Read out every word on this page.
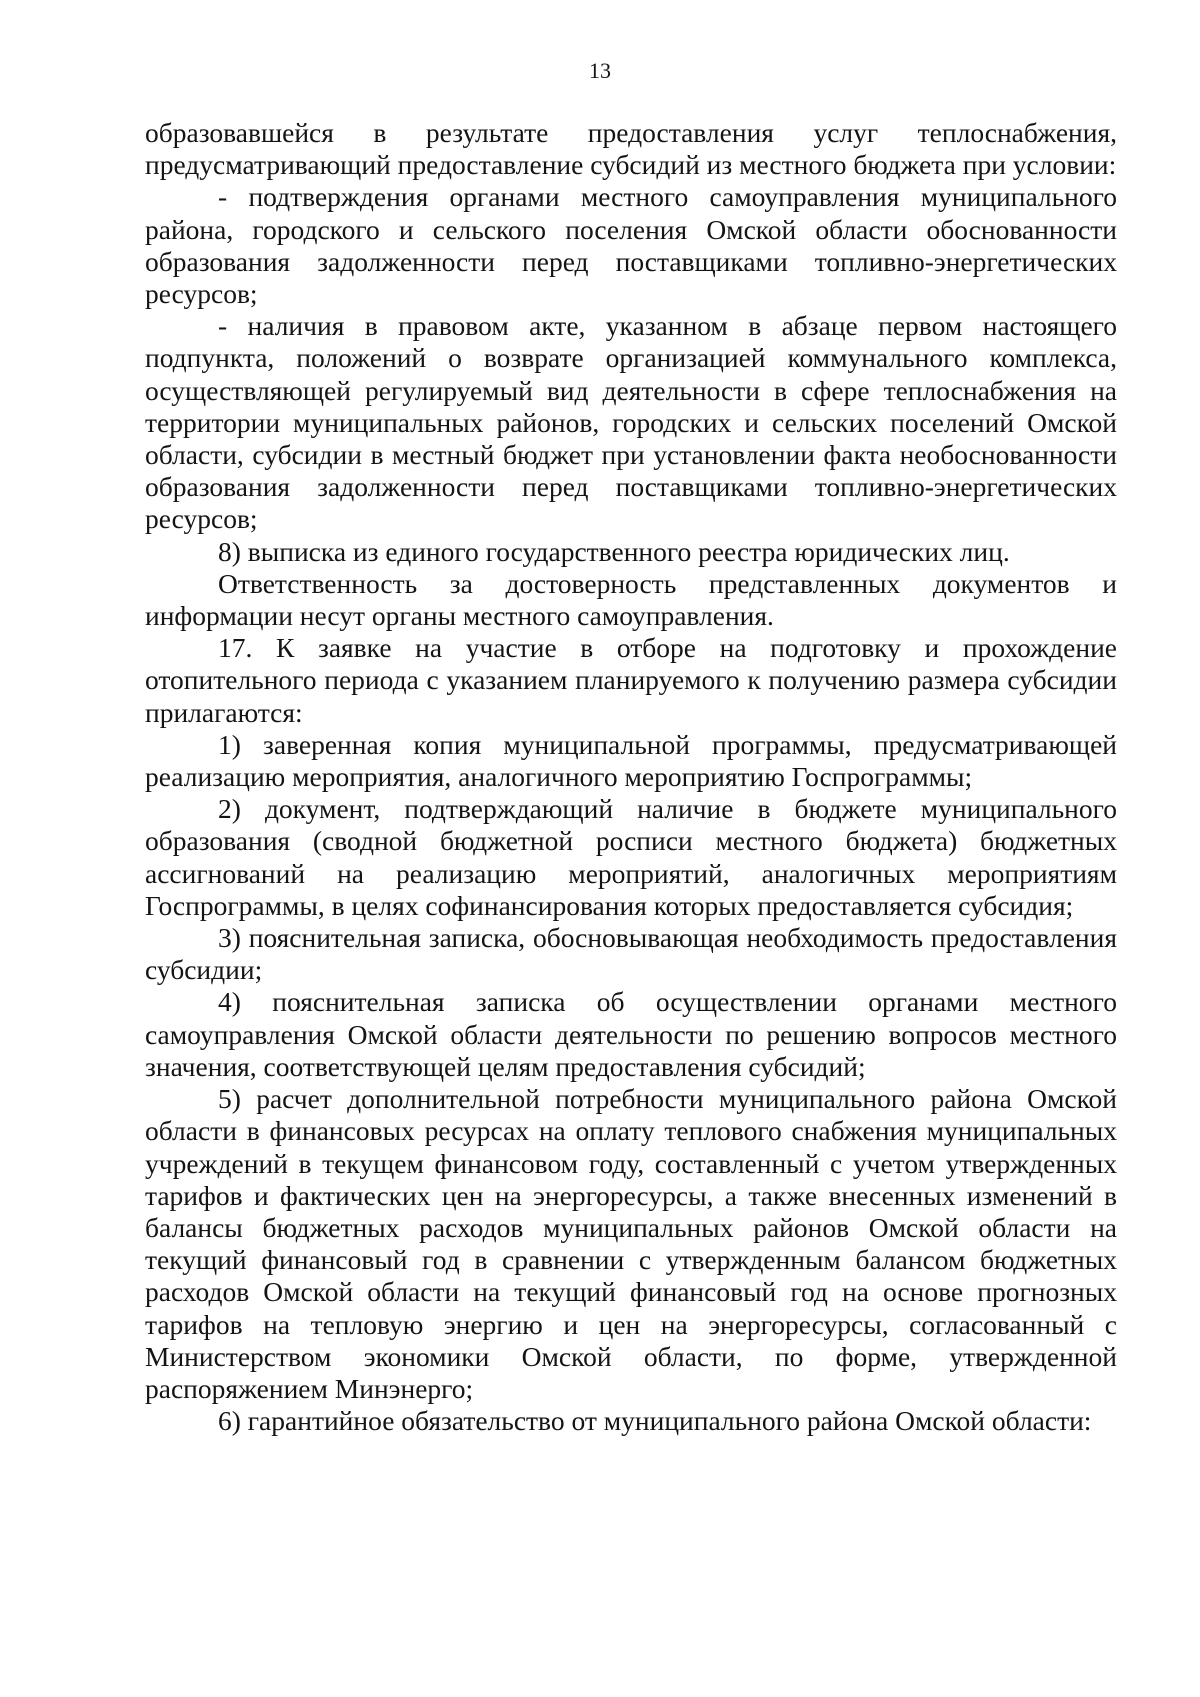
13

образовавшейся в результате предоставления услуг теплоснабжения, предусматривающий предоставление субсидий из местного бюджета при условии:

- подтверждения органами местного самоуправления муниципального района, городского и сельского поселения Омской области обоснованности образования задолженности перед поставщиками топливно-энергетических ресурсов;

- наличия в правовом акте, указанном в абзаце первом настоящего подпункта, положений о возврате организацией коммунального комплекса, осуществляющей регулируемый вид деятельности в сфере теплоснабжения на территории муниципальных районов, городских и сельских поселений Омской области, субсидии в местный бюджет при установлении факта необоснованности образования задолженности перед поставщиками топливно-энергетических ресурсов;

8) выписка из единого государственного реестра юридических лиц.

Ответственность за достоверность представленных документов и информации несут органы местного самоуправления.

17. К заявке на участие в отборе на подготовку и прохождение отопительного периода с указанием планируемого к получению размера субсидии прилагаются:

1) заверенная копия муниципальной программы, предусматривающей реализацию мероприятия, аналогичного мероприятию Госпрограммы;

2) документ, подтверждающий наличие в бюджете муниципального образования (сводной бюджетной росписи местного бюджета) бюджетных ассигнований на реализацию мероприятий, аналогичных мероприятиям Госпрограммы, в целях софинансирования которых предоставляется субсидия;

3) пояснительная записка, обосновывающая необходимость предоставления субсидии;

4) пояснительная записка об осуществлении органами местного самоуправления Омской области деятельности по решению вопросов местного значения, соответствующей целям предоставления субсидий;

5) расчет дополнительной потребности муниципального района Омской области в финансовых ресурсах на оплату теплового снабжения муниципальных учреждений в текущем финансовом году, составленный с учетом утвержденных тарифов и фактических цен на энергоресурсы, а также внесенных изменений в балансы бюджетных расходов муниципальных районов Омской области на текущий финансовый год в сравнении с утвержденным балансом бюджетных расходов Омской области на текущий финансовый год на основе прогнозных тарифов на тепловую энергию и цен на энергоресурсы, согласованный с Министерством экономики Омской области, по форме, утвержденной распоряжением Минэнерго;

6) гарантийное обязательство от муниципального района Омской области:
